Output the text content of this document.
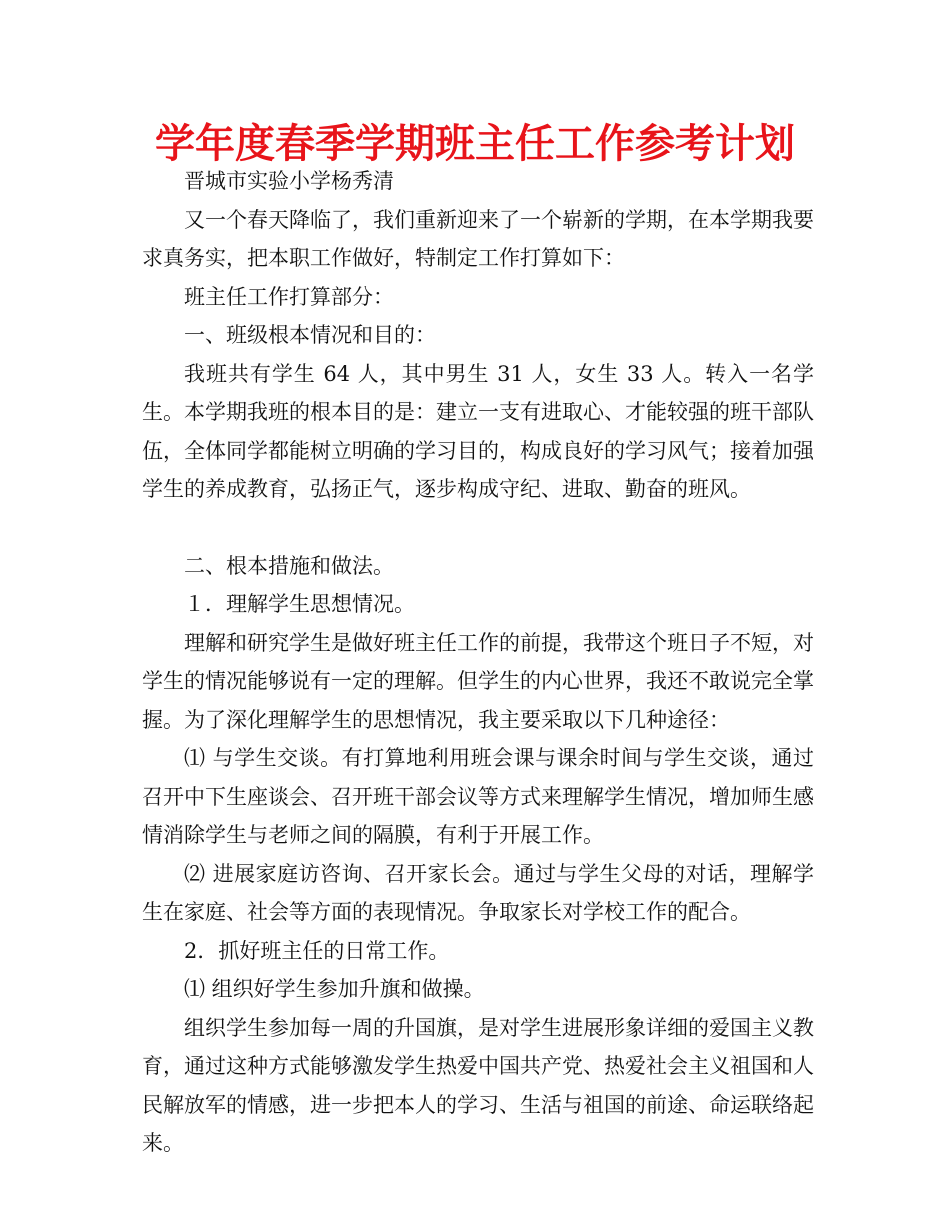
学年度春季学期班主任工作参考计划

晋城市实验小学杨秀清

又一个春天降临了，我们重新迎来了一个崭新的学期，在本学期我要求真务实，把本职工作做好，特制定工作打算如下：

班主任工作打算部分：

一、班级根本情况和目的：

我班共有学生 64 人，其中男生 31 人，女生 33 人。转入一名学生。本学期我班的根本目的是：建立一支有进取心、才能较强的班干部队伍，全体同学都能树立明确的学习目的，构成良好的学习风气；接着加强学生的养成教育，弘扬正气，逐步构成守纪、进取、勤奋的班风。

二、根本措施和做法。

１．理解学生思想情况。

理解和研究学生是做好班主任工作的前提，我带这个班日子不短，对学生的情况能够说有一定的理解。但学生的内心世界，我还不敢说完全掌握。为了深化理解学生的思想情况，我主要采取以下几种途径：

⑴ 与学生交谈。有打算地利用班会课与课余时间与学生交谈，通过召开中下生座谈会、召开班干部会议等方式来理解学生情况，增加师生感情消除学生与老师之间的隔膜，有利于开展工作。

⑵ 进展家庭访咨询、召开家长会。通过与学生父母的对话，理解学生在家庭、社会等方面的表现情况。争取家长对学校工作的配合。

2．抓好班主任的日常工作。

⑴ 组织好学生参加升旗和做操。

组织学生参加每一周的升国旗，是对学生进展形象详细的爱国主义教育，通过这种方式能够激发学生热爱中国共产党、热爱社会主义祖国和人民解放军的情感，进一步把本人的学习、生活与祖国的前途、命运联络起来。
